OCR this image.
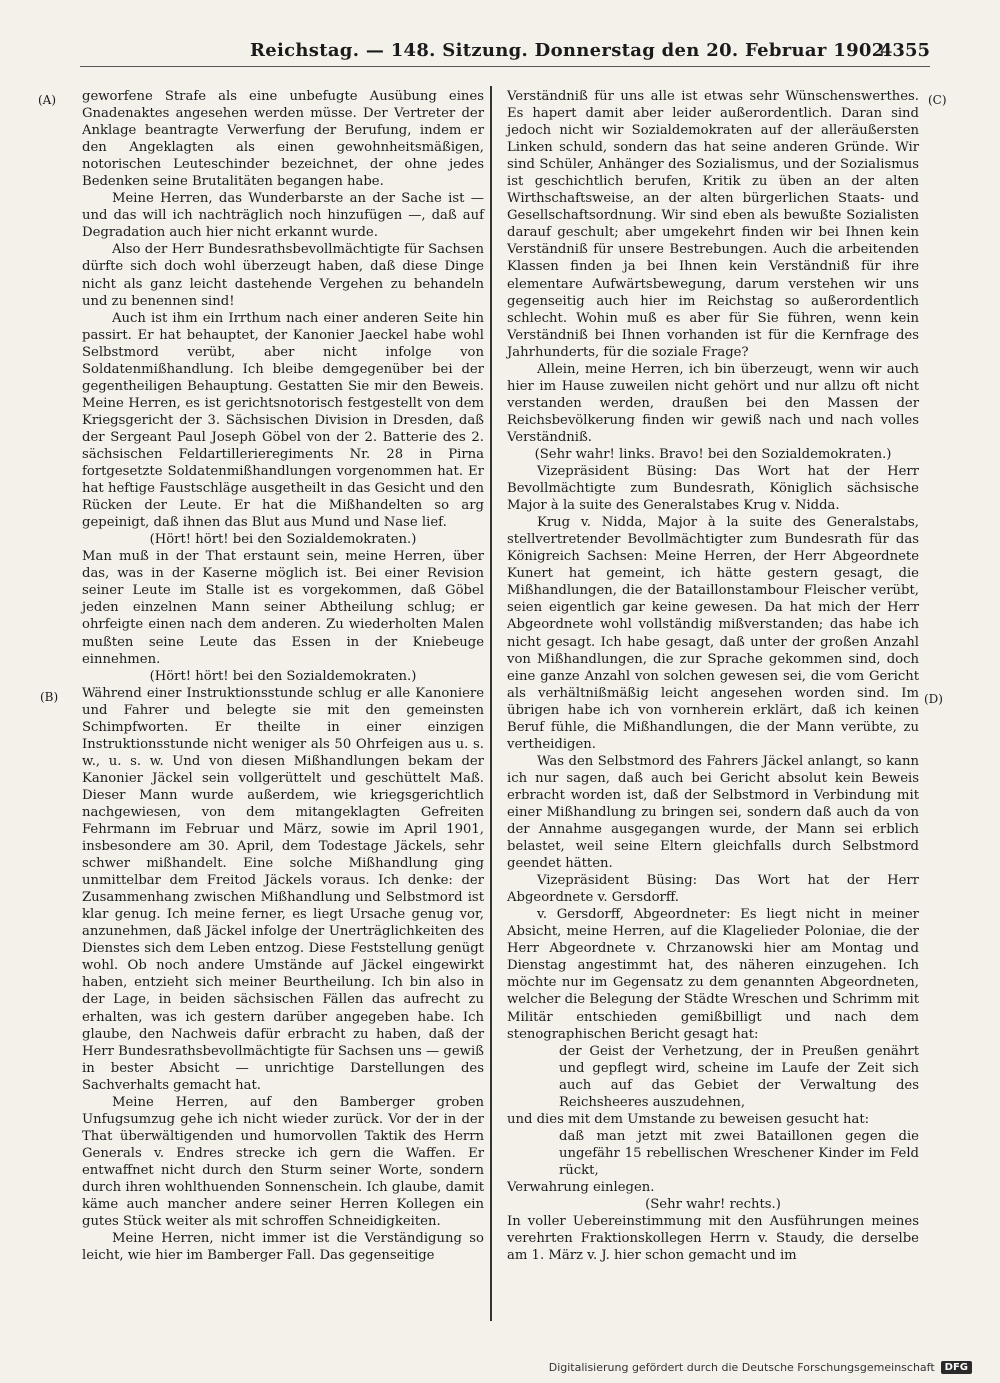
Reichstag. — 148. Sitzung. Donnerstag den 20. Februar 1902.
4355
(A)
(B)
(C)
(D)

geworfene Strafe als eine unbefugte Ausübung eines Gnadenaktes angesehen werden müsse. Der Vertreter der Anklage beantragte Verwerfung der Berufung, indem er den Angeklagten als einen gewohnheitsmäßigen, notorischen Leuteschinder bezeichnet, der ohne jedes Bedenken seine Brutalitäten begangen habe.

Meine Herren, das Wunderbarste an der Sache ist — und das will ich nachträglich noch hinzufügen —, daß auf Degradation auch hier nicht erkannt wurde.

Also der Herr Bundesrathsbevollmächtigte für Sachsen dürfte sich doch wohl überzeugt haben, daß diese Dinge nicht als ganz leicht dastehende Vergehen zu behandeln und zu benennen sind!

Auch ist ihm ein Irrthum nach einer anderen Seite hin passirt. Er hat behauptet, der Kanonier Jaeckel habe wohl Selbstmord verübt, aber nicht infolge von Soldatenmißhandlung. Ich bleibe demgegenüber bei der gegentheiligen Behauptung. Gestatten Sie mir den Beweis. Meine Herren, es ist gerichtsnotorisch festgestellt von dem Kriegsgericht der 3. Sächsischen Division in Dresden, daß der Sergeant Paul Joseph Göbel von der 2. Batterie des 2. sächsischen Feldartillerieregiments Nr. 28 in Pirna fortgesetzte Soldatenmißhandlungen vorgenommen hat. Er hat heftige Faustschläge ausgetheilt in das Gesicht und den Rücken der Leute. Er hat die Mißhandelten so arg gepeinigt, daß ihnen das Blut aus Mund und Nase lief.

(Hört! hört! bei den Sozialdemokraten.)

Man muß in der That erstaunt sein, meine Herren, über das, was in der Kaserne möglich ist. Bei einer Revision seiner Leute im Stalle ist es vorgekommen, daß Göbel jeden einzelnen Mann seiner Abtheilung schlug; er ohrfeigte einen nach dem anderen. Zu wiederholten Malen mußten seine Leute das Essen in der Kniebeuge einnehmen.

(Hört! hört! bei den Sozialdemokraten.)

Während einer Instruktionsstunde schlug er alle Kanoniere und Fahrer und belegte sie mit den gemeinsten Schimpfworten. Er theilte in einer einzigen Instruktionsstunde nicht weniger als 50 Ohrfeigen aus u. s. w., u. s. w. Und von diesen Mißhandlungen bekam der Kanonier Jäckel sein vollgerüttelt und geschüttelt Maß. Dieser Mann wurde außerdem, wie kriegsgerichtlich nachgewiesen, von dem mitangeklagten Gefreiten Fehrmann im Februar und März, sowie im April 1901, insbesondere am 30. April, dem Todestage Jäckels, sehr schwer mißhandelt. Eine solche Mißhandlung ging unmittelbar dem Freitod Jäckels voraus. Ich denke: der Zusammenhang zwischen Mißhandlung und Selbstmord ist klar genug. Ich meine ferner, es liegt Ursache genug vor, anzunehmen, daß Jäckel infolge der Unerträglichkeiten des Dienstes sich dem Leben entzog. Diese Feststellung genügt wohl. Ob noch andere Umstände auf Jäckel eingewirkt haben, entzieht sich meiner Beurtheilung. Ich bin also in der Lage, in beiden sächsischen Fällen das aufrecht zu erhalten, was ich gestern darüber angegeben habe. Ich glaube, den Nachweis dafür erbracht zu haben, daß der Herr Bundesrathsbevollmächtigte für Sachsen uns — gewiß in bester Absicht — unrichtige Darstellungen des Sachverhalts gemacht hat.

Meine Herren, auf den Bamberger groben Unfugsumzug gehe ich nicht wieder zurück. Vor der in der That überwältigenden und humorvollen Taktik des Herrn Generals v. Endres strecke ich gern die Waffen. Er entwaffnet nicht durch den Sturm seiner Worte, sondern durch ihren wohlthuenden Sonnenschein. Ich glaube, damit käme auch mancher andere seiner Herren Kollegen ein gutes Stück weiter als mit schroffen Schneidigkeiten.

Meine Herren, nicht immer ist die Verständigung so leicht, wie hier im Bamberger Fall. Das gegenseitige

Verständniß für uns alle ist etwas sehr Wünschenswerthes. Es hapert damit aber leider außerordentlich. Daran sind jedoch nicht wir Sozialdemokraten auf der alleräußersten Linken schuld, sondern das hat seine anderen Gründe. Wir sind Schüler, Anhänger des Sozialismus, und der Sozialismus ist geschichtlich berufen, Kritik zu üben an der alten Wirthschaftsweise, an der alten bürgerlichen Staats- und Gesellschaftsordnung. Wir sind eben als bewußte Sozialisten darauf geschult; aber umgekehrt finden wir bei Ihnen kein Verständniß für unsere Bestrebungen. Auch die arbeitenden Klassen finden ja bei Ihnen kein Verständniß für ihre elementare Aufwärtsbewegung, darum verstehen wir uns gegenseitig auch hier im Reichstag so außerordentlich schlecht. Wohin muß es aber für Sie führen, wenn kein Verständniß bei Ihnen vorhanden ist für die Kernfrage des Jahrhunderts, für die soziale Frage?

Allein, meine Herren, ich bin überzeugt, wenn wir auch hier im Hause zuweilen nicht gehört und nur allzu oft nicht verstanden werden, draußen bei den Massen der Reichsbevölkerung finden wir gewiß nach und nach volles Verständniß.

(Sehr wahr! links. Bravo! bei den Sozialdemokraten.)

Vizepräsident Büsing: Das Wort hat der Herr Bevollmächtigte zum Bundesrath, Königlich sächsische Major à la suite des Generalstabes Krug v. Nidda.

Krug v. Nidda, Major à la suite des Generalstabs, stellvertretender Bevollmächtigter zum Bundesrath für das Königreich Sachsen: Meine Herren, der Herr Abgeordnete Kunert hat gemeint, ich hätte gestern gesagt, die Mißhandlungen, die der Bataillonstambour Fleischer verübt, seien eigentlich gar keine gewesen. Da hat mich der Herr Abgeordnete wohl vollständig mißverstanden; das habe ich nicht gesagt. Ich habe gesagt, daß unter der großen Anzahl von Mißhandlungen, die zur Sprache gekommen sind, doch eine ganze Anzahl von solchen gewesen sei, die vom Gericht als verhältnißmäßig leicht angesehen worden sind. Im übrigen habe ich von vornherein erklärt, daß ich keinen Beruf fühle, die Mißhandlungen, die der Mann verübte, zu vertheidigen.

Was den Selbstmord des Fahrers Jäckel anlangt, so kann ich nur sagen, daß auch bei Gericht absolut kein Beweis erbracht worden ist, daß der Selbstmord in Verbindung mit einer Mißhandlung zu bringen sei, sondern daß auch da von der Annahme ausgegangen wurde, der Mann sei erblich belastet, weil seine Eltern gleichfalls durch Selbstmord geendet hätten.

Vizepräsident Büsing: Das Wort hat der Herr Abgeordnete v. Gersdorff.

v. Gersdorff, Abgeordneter: Es liegt nicht in meiner Absicht, meine Herren, auf die Klagelieder Poloniae, die der Herr Abgeordnete v. Chrzanowski hier am Montag und Dienstag angestimmt hat, des näheren einzugehen. Ich möchte nur im Gegensatz zu dem genannten Abgeordneten, welcher die Belegung der Städte Wreschen und Schrimm mit Militär entschieden gemißbilligt und nach dem stenographischen Bericht gesagt hat:

der Geist der Verhetzung, der in Preußen genährt und gepflegt wird, scheine im Laufe der Zeit sich auch auf das Gebiet der Verwaltung des Reichsheeres auszudehnen,

und dies mit dem Umstande zu beweisen gesucht hat:

daß man jetzt mit zwei Bataillonen gegen die ungefähr 15 rebellischen Wreschener Kinder im Feld rückt,

Verwahrung einlegen.

(Sehr wahr! rechts.)

In voller Uebereinstimmung mit den Ausführungen meines verehrten Fraktionskollegen Herrn v. Staudy, die derselbe am 1. März v. J. hier schon gemacht und im

Digitalisierung gefördert durch die Deutsche Forschungsgemeinschaft	DFG
